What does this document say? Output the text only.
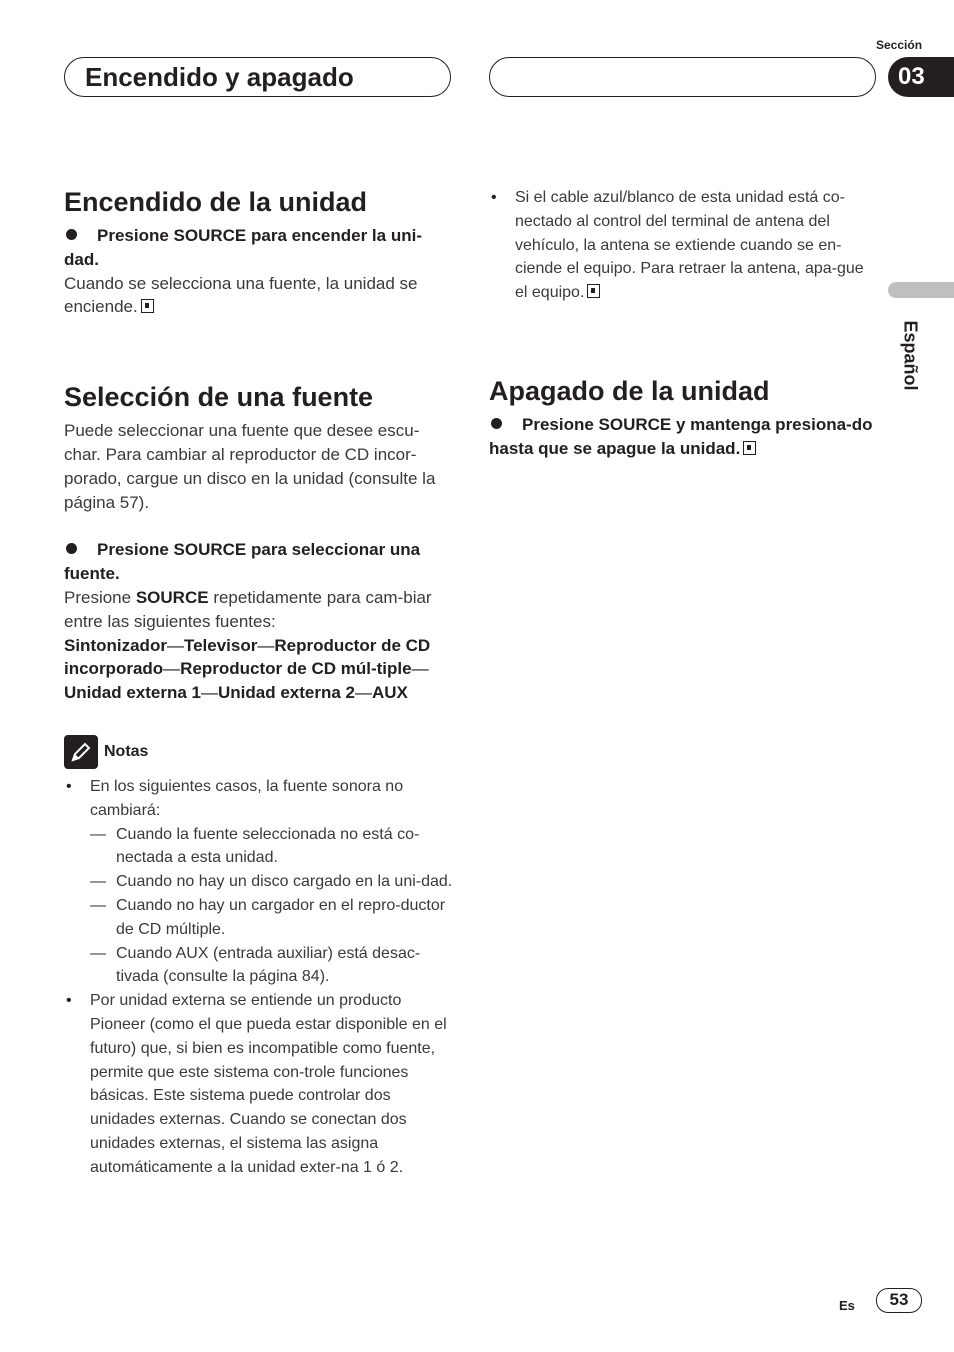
Encendido y apagado
Sección
03
Español
Encendido de la unidad

Presione SOURCE para encender la uni-dad.

Cuando se selecciona una fuente, la unidad se enciende.

Selección de una fuente

Puede seleccionar una fuente que desee escu-char. Para cambiar al reproductor de CD incor-porado, cargue un disco en la unidad (consulte la página 57).

Presione SOURCE para seleccionar una fuente.

Presione SOURCE repetidamente para cam-biar entre las siguientes fuentes:

Sintonizador—Televisor—Reproductor de CD incorporado—Reproductor de CD múl-tiple—Unidad externa 1—Unidad externa 2—AUX

Notas
• En los siguientes casos, la fuente sonora no cambiará:
— Cuando la fuente seleccionada no está co-nectada a esta unidad.
— Cuando no hay un disco cargado en la uni-dad.
— Cuando no hay un cargador en el repro-ductor de CD múltiple.
— Cuando AUX (entrada auxiliar) está desac-tivada (consulte la página 84).
• Por unidad externa se entiende un producto Pioneer (como el que pueda estar disponible en el futuro) que, si bien es incompatible como fuente, permite que este sistema con-trole funciones básicas. Este sistema puede controlar dos unidades externas. Cuando se conectan dos unidades externas, el sistema las asigna automáticamente a la unidad exter-na 1 ó 2.

• Si el cable azul/blanco de esta unidad está co-nectado al control del terminal de antena del vehículo, la antena se extiende cuando se en-ciende el equipo. Para retraer la antena, apa-gue el equipo.

Apagado de la unidad

Presione SOURCE y mantenga presiona-do hasta que se apague la unidad.

Es	53
